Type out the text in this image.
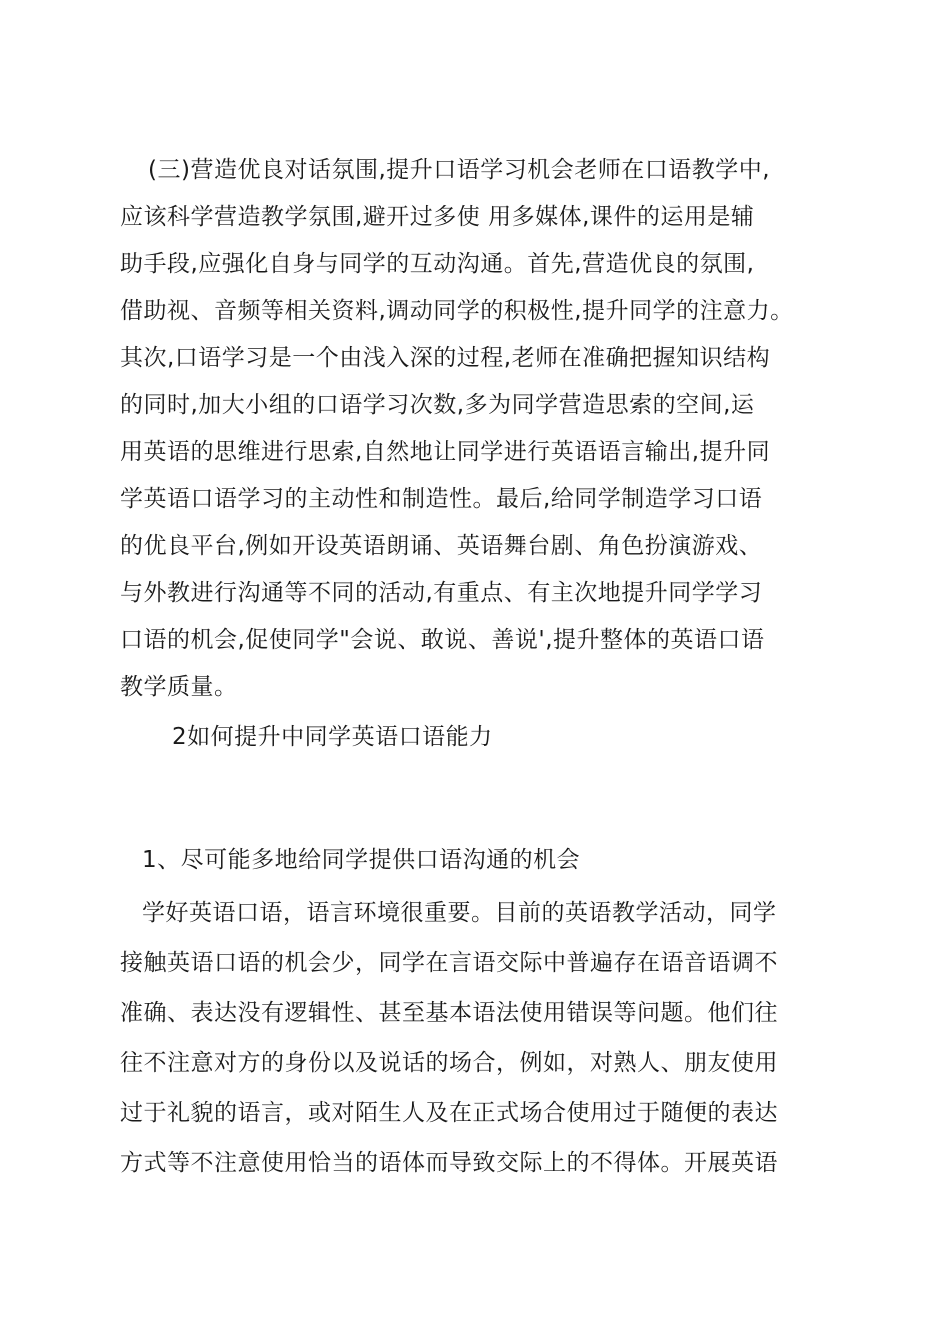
(三)营造优良对话氛围,提升口语学习机会老师在口语教学中,
应该科学营造教学氛围,避开过多使 用多媒体,课件的运用是辅
助手段,应强化自身与同学的互动沟通。首先,营造优良的氛围,
借助视、音频等相关资料,调动同学的积极性,提升同学的注意力。
其次,口语学习是一个由浅入深的过程,老师在准确把握知识结构
的同时,加大小组的口语学习次数,多为同学营造思索的空间,运
用英语的思维进行思索,自然地让同学进行英语语言输出,提升同
学英语口语学习的主动性和制造性。最后,给同学制造学习口语
的优良平台,例如开设英语朗诵、英语舞台剧、角色扮演游戏、
与外教进行沟通等不同的活动,有重点、有主次地提升同学学习
口语的机会,促使同学"会说、敢说、善说',提升整体的英语口语
教学质量。
2如何提升中同学英语口语能力
1、尽可能多地给同学提供口语沟通的机会
学好英语口语，语言环境很重要。目前的英语教学活动，同学
接触英语口语的机会少，同学在言语交际中普遍存在语音语调不
准确、表达没有逻辑性、甚至基本语法使用错误等问题。他们往
往不注意对方的身份以及说话的场合，例如，对熟人、朋友使用
过于礼貌的语言，或对陌生人及在正式场合使用过于随便的表达
方式等不注意使用恰当的语体而导致交际上的不得体。开展英语
